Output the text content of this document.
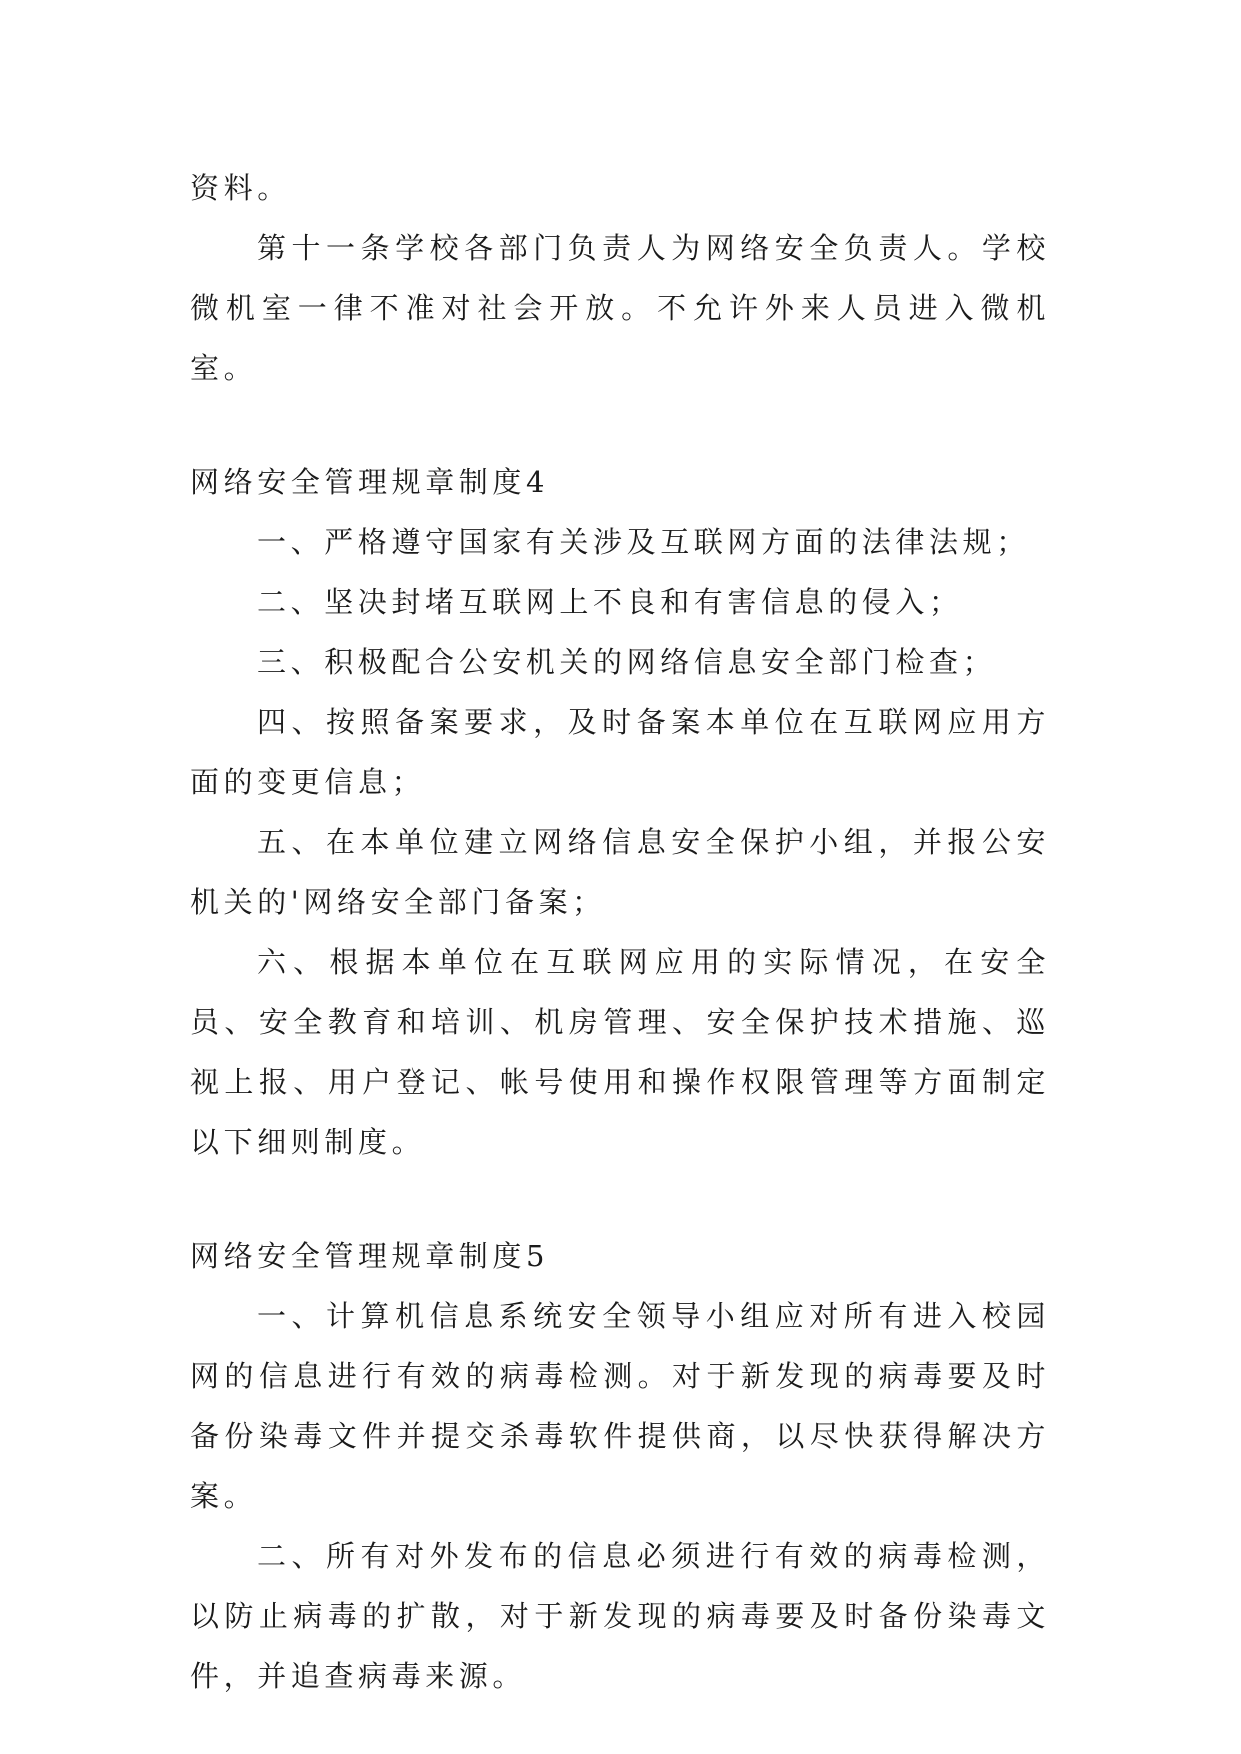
资料。

第十一条学校各部门负责人为网络安全负责人。学校微机室一律不准对社会开放。不允许外来人员进入微机室。

网络安全管理规章制度4

一、严格遵守国家有关涉及互联网方面的法律法规；

二、坚决封堵互联网上不良和有害信息的侵入；

三、积极配合公安机关的网络信息安全部门检查；

四、按照备案要求，及时备案本单位在互联网应用方面的变更信息；

五、在本单位建立网络信息安全保护小组，并报公安机关的'网络安全部门备案；

六、根据本单位在互联网应用的实际情况，在安全员、安全教育和培训、机房管理、安全保护技术措施、巡视上报、用户登记、帐号使用和操作权限管理等方面制定以下细则制度。

网络安全管理规章制度5

一、计算机信息系统安全领导小组应对所有进入校园网的信息进行有效的病毒检测。对于新发现的病毒要及时备份染毒文件并提交杀毒软件提供商，以尽快获得解决方案。

二、所有对外发布的信息必须进行有效的病毒检测，以防止病毒的扩散，对于新发现的病毒要及时备份染毒文件，并追查病毒来源。
